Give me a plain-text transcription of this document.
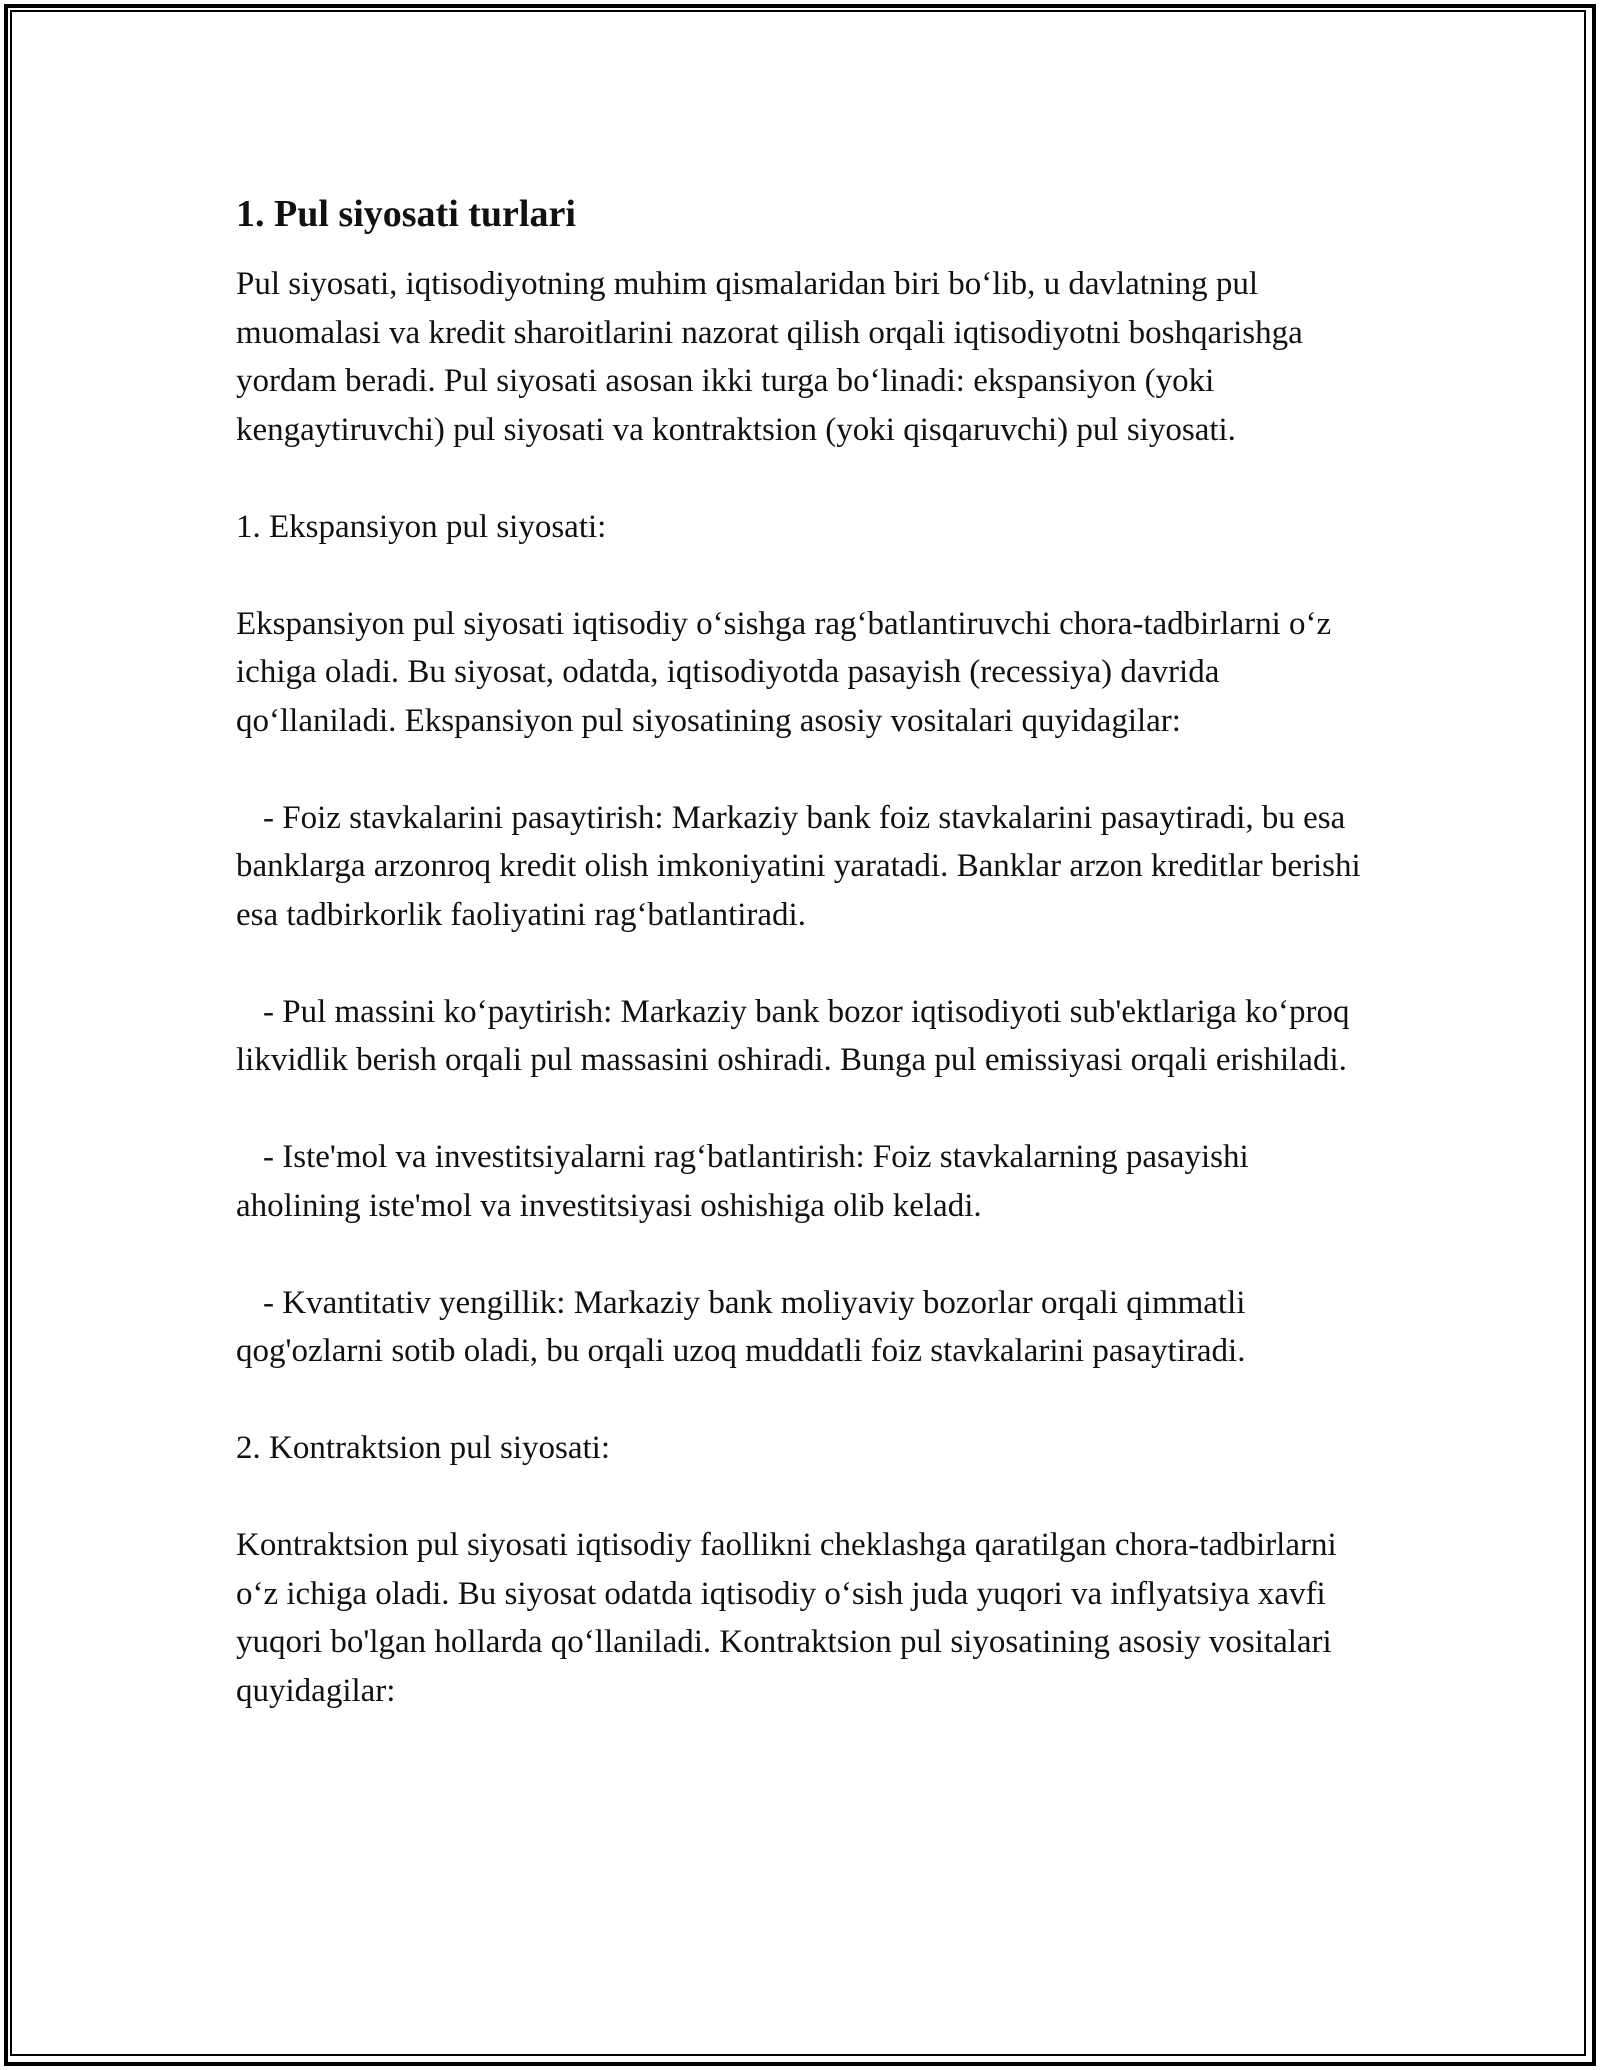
1. Pul siyosati turlari

Pul siyosati, iqtisodiyotning muhim qismalaridan biri bo‘lib, u davlatning pul muomalasi va kredit sharoitlarini nazorat qilish orqali iqtisodiyotni boshqarishga yordam beradi. Pul siyosati asosan ikki turga bo‘linadi: ekspansiyon (yoki kengaytiruvchi) pul siyosati va kontraktsion (yoki qisqaruvchi) pul siyosati.

1. Ekspansiyon pul siyosati:

Ekspansiyon pul siyosati iqtisodiy o‘sishga rag‘batlantiruvchi chora-tadbirlarni o‘z ichiga oladi. Bu siyosat, odatda, iqtisodiyotda pasayish (recessiya) davrida qo‘llaniladi. Ekspansiyon pul siyosatining asosiy vositalari quyidagilar:

- Foiz stavkalarini pasaytirish: Markaziy bank foiz stavkalarini pasaytiradi, bu esa banklarga arzonroq kredit olish imkoniyatini yaratadi. Banklar arzon kreditlar berishi esa tadbirkorlik faoliyatini rag‘batlantiradi.

- Pul massini ko‘paytirish: Markaziy bank bozor iqtisodiyoti sub'ektlariga ko‘proq likvidlik berish orqali pul massasini oshiradi. Bunga pul emissiyasi orqali erishiladi.

- Iste'mol va investitsiyalarni rag‘batlantirish: Foiz stavkalarning pasayishi aholining iste'mol va investitsiyasi oshishiga olib keladi.

- Kvantitativ yengillik: Markaziy bank moliyaviy bozorlar orqali qimmatli qog'ozlarni sotib oladi, bu orqali uzoq muddatli foiz stavkalarini pasaytiradi.

2. Kontraktsion pul siyosati:

Kontraktsion pul siyosati iqtisodiy faollikni cheklashga qaratilgan chora-tadbirlarni o‘z ichiga oladi. Bu siyosat odatda iqtisodiy o‘sish juda yuqori va inflyatsiya xavfi yuqori bo'lgan hollarda qo‘llaniladi. Kontraktsion pul siyosatining asosiy vositalari quyidagilar:
